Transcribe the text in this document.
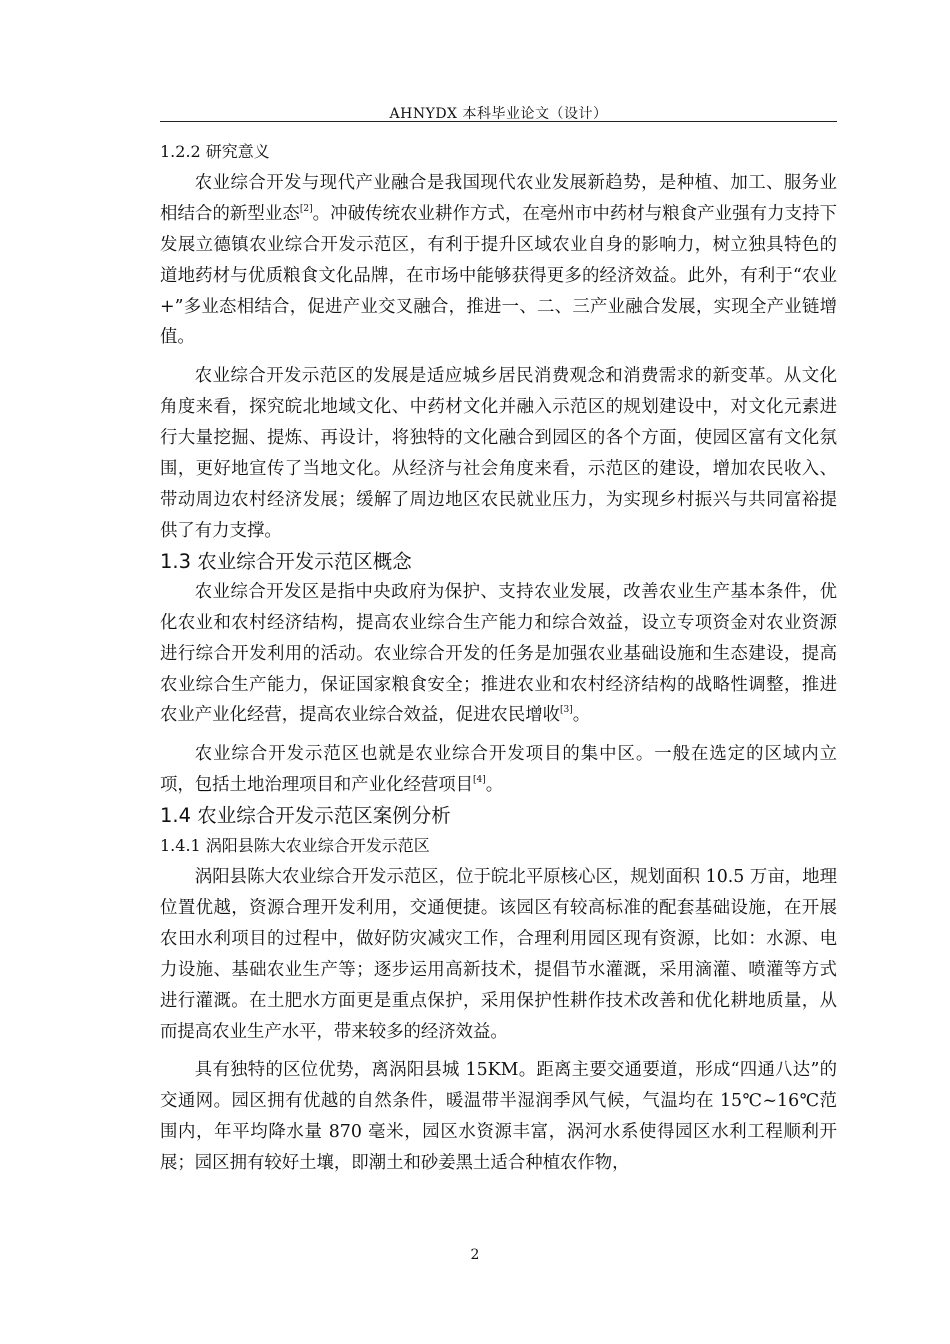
AHNYDX 本科毕业论文（设计）

1.2.2 研究意义

农业综合开发与现代产业融合是我国现代农业发展新趋势，是种植、加工、服务业相结合的新型业态[2]。冲破传统农业耕作方式，在亳州市中药材与粮食产业强有力支持下发展立德镇农业综合开发示范区，有利于提升区域农业自身的影响力，树立独具特色的道地药材与优质粮食文化品牌，在市场中能够获得更多的经济效益。此外，有利于“农业+”多业态相结合，促进产业交叉融合，推进一、二、三产业融合发展，实现全产业链增值。

农业综合开发示范区的发展是适应城乡居民消费观念和消费需求的新变革。从文化角度来看，探究皖北地域文化、中药材文化并融入示范区的规划建设中，对文化元素进行大量挖掘、提炼、再设计，将独特的文化融合到园区的各个方面，使园区富有文化氛围，更好地宣传了当地文化。从经济与社会角度来看，示范区的建设，增加农民收入、带动周边农村经济发展；缓解了周边地区农民就业压力，为实现乡村振兴与共同富裕提供了有力支撑。

1.3 农业综合开发示范区概念

农业综合开发区是指中央政府为保护、支持农业发展，改善农业生产基本条件，优化农业和农村经济结构，提高农业综合生产能力和综合效益，设立专项资金对农业资源进行综合开发利用的活动。农业综合开发的任务是加强农业基础设施和生态建设，提高农业综合生产能力，保证国家粮食安全；推进农业和农村经济结构的战略性调整，推进农业产业化经营，提高农业综合效益，促进农民增收[3]。

农业综合开发示范区也就是农业综合开发项目的集中区。一般在选定的区域内立项，包括土地治理项目和产业化经营项目[4]。

1.4 农业综合开发示范区案例分析

1.4.1 涡阳县陈大农业综合开发示范区

涡阳县陈大农业综合开发示范区，位于皖北平原核心区，规划面积 10.5 万亩，地理位置优越，资源合理开发利用，交通便捷。该园区有较高标准的配套基础设施，在开展农田水利项目的过程中，做好防灾减灾工作，合理利用园区现有资源，比如：水源、电力设施、基础农业生产等；逐步运用高新技术，提倡节水灌溉，采用滴灌、喷灌等方式进行灌溉。在土肥水方面更是重点保护，采用保护性耕作技术改善和优化耕地质量，从而提高农业生产水平，带来较多的经济效益。

具有独特的区位优势，离涡阳县城 15KM。距离主要交通要道，形成“四通八达”的交通网。园区拥有优越的自然条件，暖温带半湿润季风气候，气温均在 15℃~16℃范围内，年平均降水量 870 毫米，园区水资源丰富，涡河水系使得园区水利工程顺利开展；园区拥有较好土壤，即潮土和砂姜黑土适合种植农作物，

2
